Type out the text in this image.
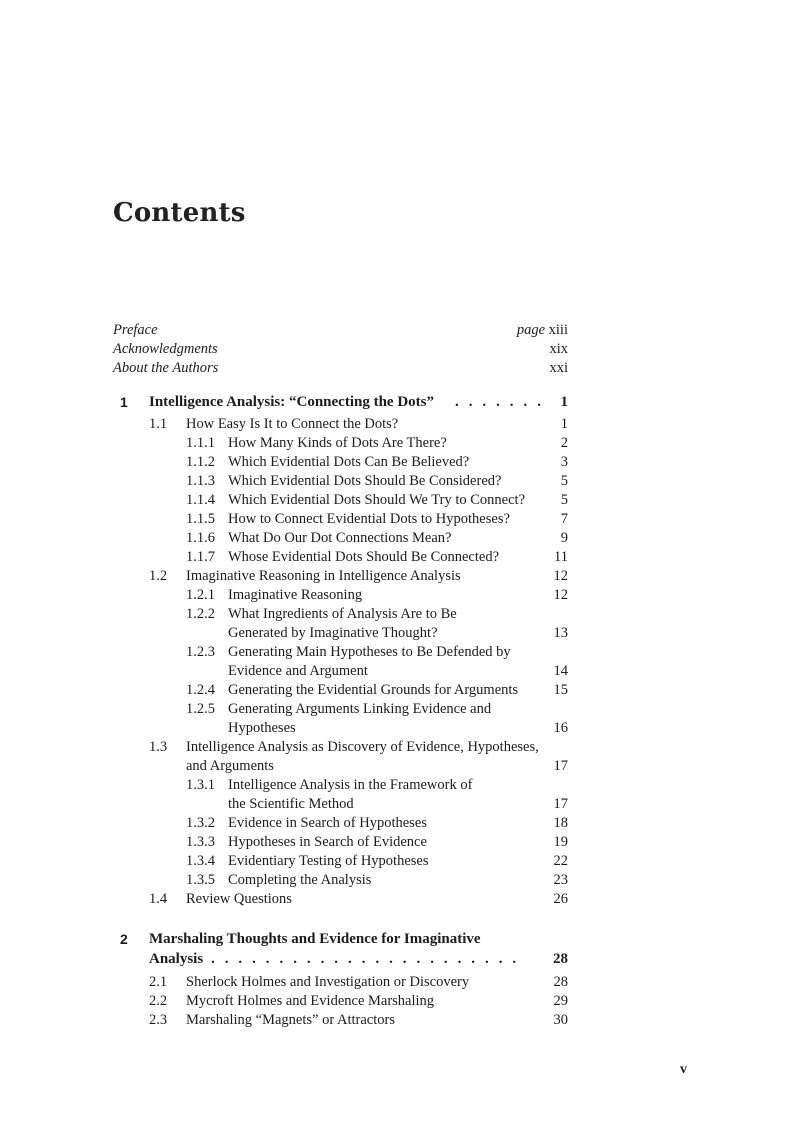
Contents
Preface	page xiii
Acknowledgments	xix
About the Authors	xxi
1 Intelligence Analysis: “Connecting the Dots” . . . . . . .	1
1.1 How Easy Is It to Connect the Dots?	1
1.1.1 How Many Kinds of Dots Are There?	2
1.1.2 Which Evidential Dots Can Be Believed?	3
1.1.3 Which Evidential Dots Should Be Considered?	5
1.1.4 Which Evidential Dots Should We Try to Connect? 5
1.1.5 How to Connect Evidential Dots to Hypotheses?	7
1.1.6 What Do Our Dot Connections Mean?	9
1.1.7 Whose Evidential Dots Should Be Connected?	11
1.2 Imaginative Reasoning in Intelligence Analysis	12
1.2.1 Imaginative Reasoning	12
1.2.2 What Ingredients of Analysis Are to Be
Generated by Imaginative Thought?	13
1.2.3 Generating Main Hypotheses to Be Defended by
Evidence and Argument	14
1.2.4 Generating the Evidential Grounds for Arguments 15
1.2.5 Generating Arguments Linking Evidence and
Hypotheses	16
1.3 Intelligence Analysis as Discovery of Evidence, Hypotheses,
and Arguments	17
1.3.1 Intelligence Analysis in the Framework of
the Scientific Method	17
1.3.2 Evidence in Search of Hypotheses	18
1.3.3 Hypotheses in Search of Evidence	19
1.3.4 Evidentiary Testing of Hypotheses	22
1.3.5 Completing the Analysis	23
1.4 Review Questions	26
2 Marshaling Thoughts and Evidence for Imaginative
Analysis . . . . . . . . . . . . . . . . . . . . . . .	28
2.1 Sherlock Holmes and Investigation or Discovery	28
2.2 Mycroft Holmes and Evidence Marshaling	29
2.3 Marshaling “Magnets” or Attractors	30
v
